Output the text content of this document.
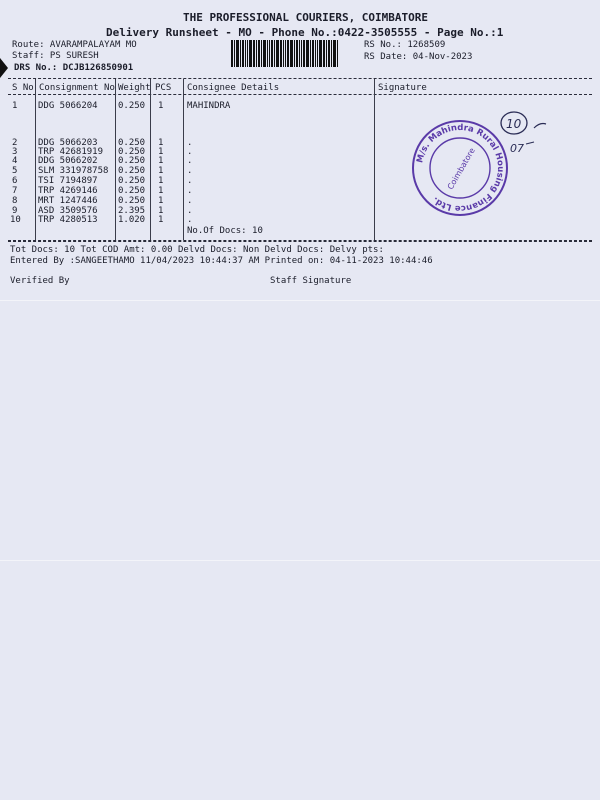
THE PROFESSIONAL COURIERS, COIMBATORE
Delivery Runsheet - MO - Phone No.:0422-3505555 - Page No.:1
Route: AVARAMPALAYAM MO
Staff: PS SURESH
DRS No.: DCJB126850901
RS No.: 1268509
RS Date: 04-Nov-2023
S No Consignment No Weight PCS Consignee Details	Signature
1 DDG 5066204 0.250 1	MAHINDRA
2 DDG 5066203 0.250 1	.
3 TRP 42681919 0.250 1	.
4 DDG 5066202 0.250 1	.
5 SLM 331978758 0.250 1	.
6 TSI 7194897 0.250 1	.
7 TRP 4269146 0.250 1	.
8 MRT 1247446 0.250 1	.
9 ASD 3509576 2.395 1	.
10 TRP 4280513 1.020 1	.
No.Of Docs: 10
M/s. Mahindra Rural Housing Finance Ltd.
Coimbatore
10
07
Tot Docs: 10 Tot COD Amt: 0.00 Delvd Docs: Non Delvd Docs: Delvy pts:
Entered By :SANGEETHAMO 11/04/2023 10:44:37 AM Printed on: 04-11-2023 10:44:46
Verified By	Staff Signature
